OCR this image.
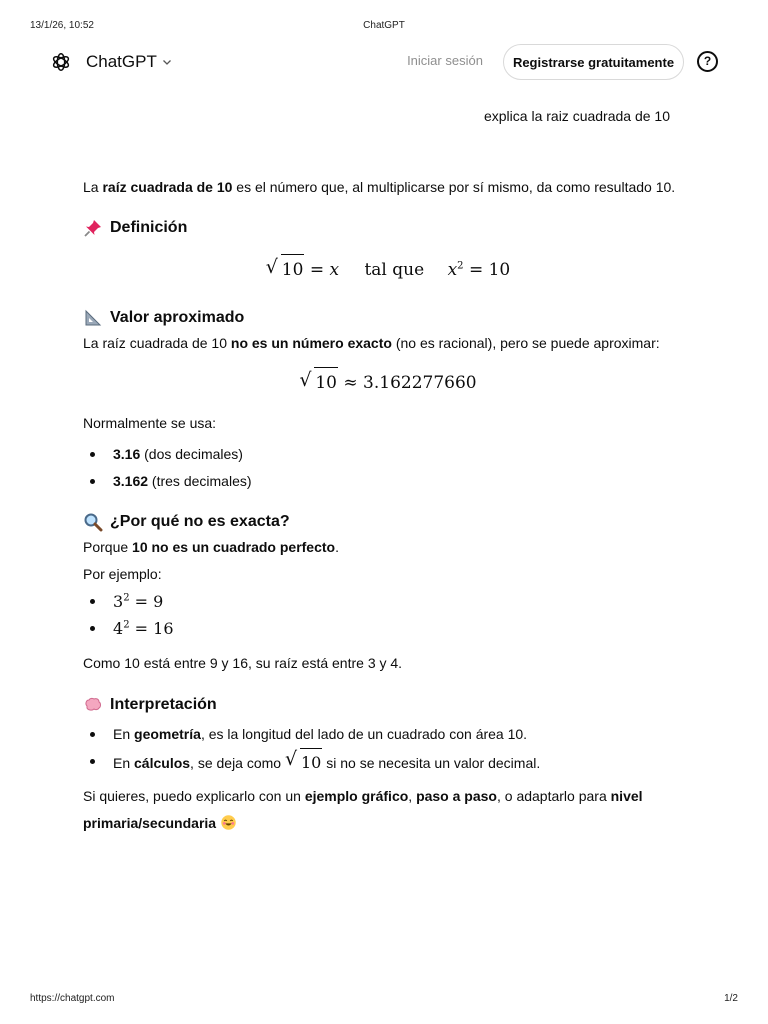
13/1/26, 10:52	ChatGPT
ChatGPT	Iniciar sesión	Registrarse gratuitamente	?
explica la raiz cuadrada de 10

La raíz cuadrada de 10 es el número que, al multiplicarse por sí mismo, da como resultado 10.

Definición
√ 10 = x tal que $x^2 = 10$
Valor aproximado

La raíz cuadrada de 10 no es un número exacto (no es racional), pero se puede aproximar:

√ 10 ≈ 3.162277660

Normalmente se usa:

3.16 (dos decimales)
3.162 (tres decimales)
¿Por qué no es exacta?

Porque 10 no es un cuadrado perfecto.

Por ejemplo:

$3^2 = 9$
$4^2 = 16$

Como 10 está entre 9 y 16, su raíz está entre 3 y 4.

Interpretación
En geometría, es la longitud del lado de un cuadrado con área 10.
En cálculos, se deja como √ 10 si no se necesita un valor decimal.

Si quieres, puedo explicarlo con un ejemplo gráfico, paso a paso, o adaptarlo para nivel primaria/secundaria

https://chatgpt.com	1/2
